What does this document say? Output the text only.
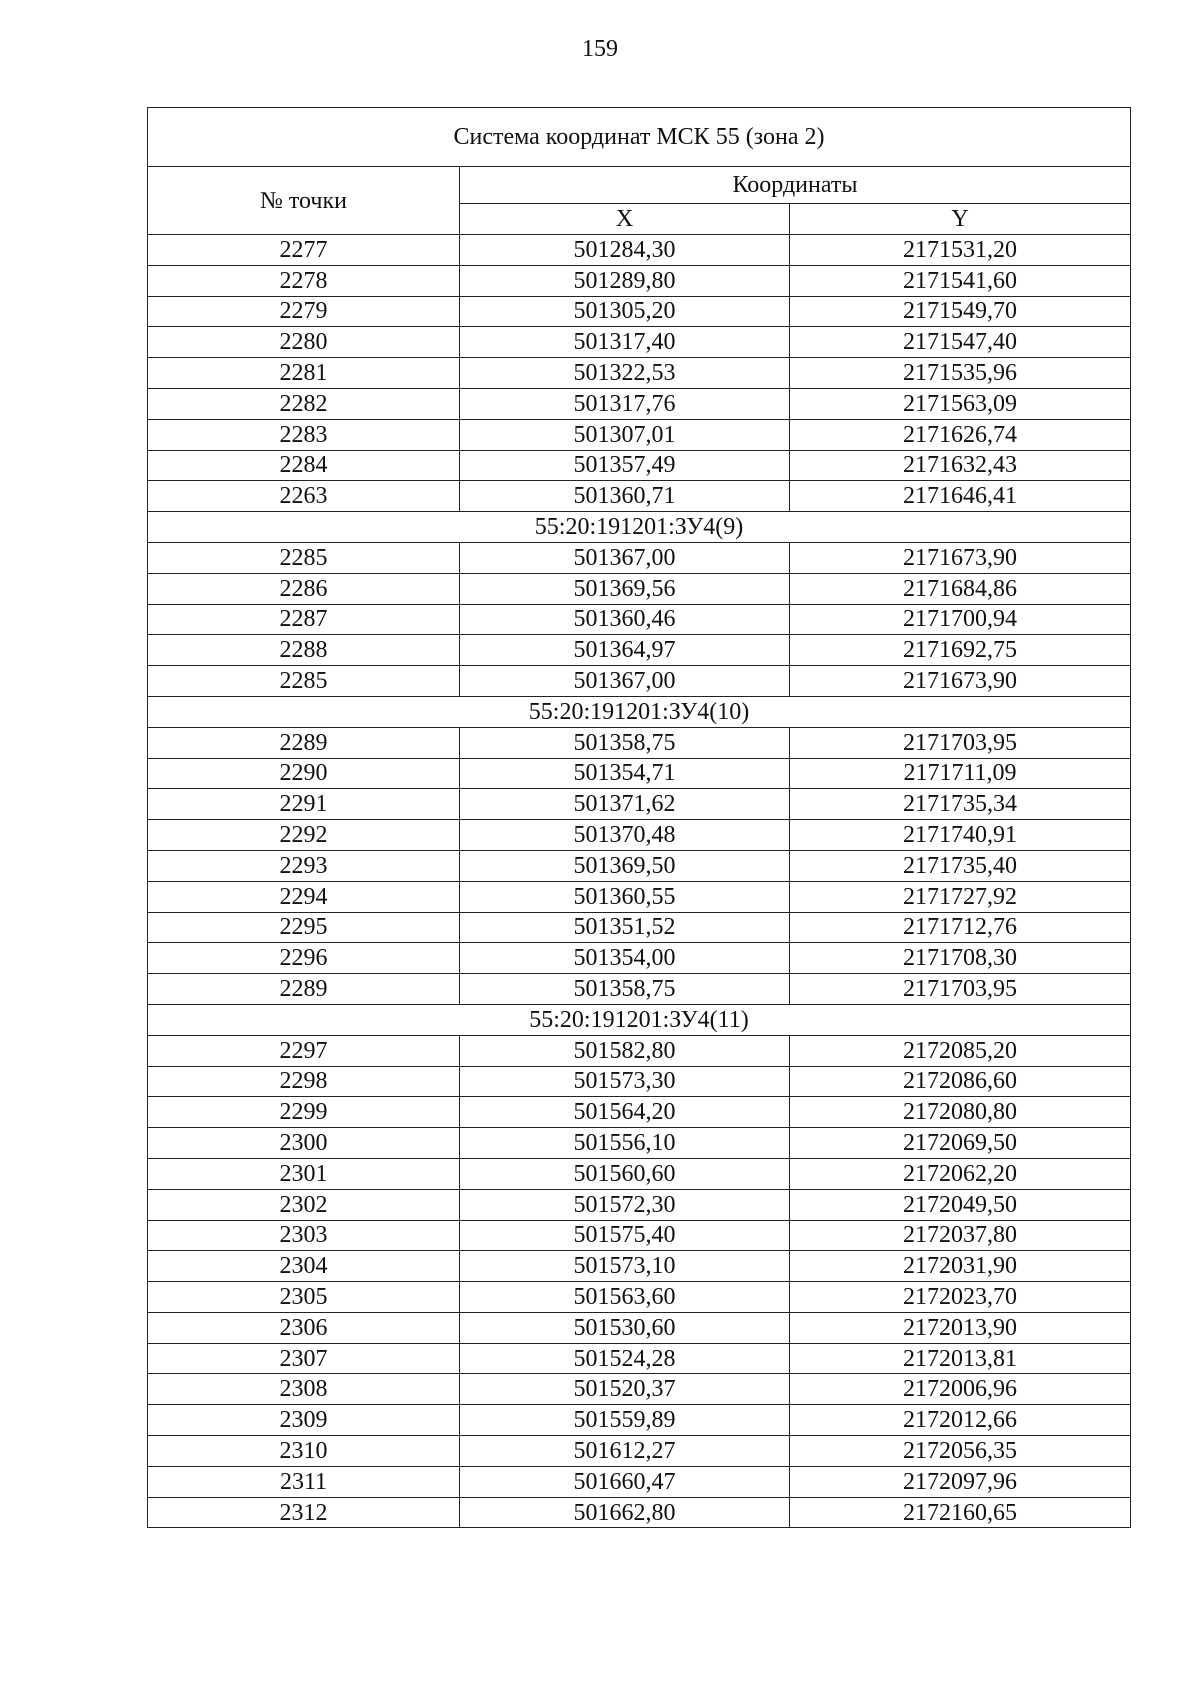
159
Система координат МСК 55 (зона 2)		
№ точки	Координаты	
	X	Y
2277	501284,30	2171531,20
2278	501289,80	2171541,60
2279	501305,20	2171549,70
2280	501317,40	2171547,40
2281	501322,53	2171535,96
2282	501317,76	2171563,09
2283	501307,01	2171626,74
2284	501357,49	2171632,43
2263	501360,71	2171646,41
55:20:191201:ЗУ4(9)		
2285	501367,00	2171673,90
2286	501369,56	2171684,86
2287	501360,46	2171700,94
2288	501364,97	2171692,75
2285	501367,00	2171673,90
55:20:191201:ЗУ4(10)		
2289	501358,75	2171703,95
2290	501354,71	2171711,09
2291	501371,62	2171735,34
2292	501370,48	2171740,91
2293	501369,50	2171735,40
2294	501360,55	2171727,92
2295	501351,52	2171712,76
2296	501354,00	2171708,30
2289	501358,75	2171703,95
55:20:191201:ЗУ4(11)		
2297	501582,80	2172085,20
2298	501573,30	2172086,60
2299	501564,20	2172080,80
2300	501556,10	2172069,50
2301	501560,60	2172062,20
2302	501572,30	2172049,50
2303	501575,40	2172037,80
2304	501573,10	2172031,90
2305	501563,60	2172023,70
2306	501530,60	2172013,90
2307	501524,28	2172013,81
2308	501520,37	2172006,96
2309	501559,89	2172012,66
2310	501612,27	2172056,35
2311	501660,47	2172097,96
2312	501662,80	2172160,65
